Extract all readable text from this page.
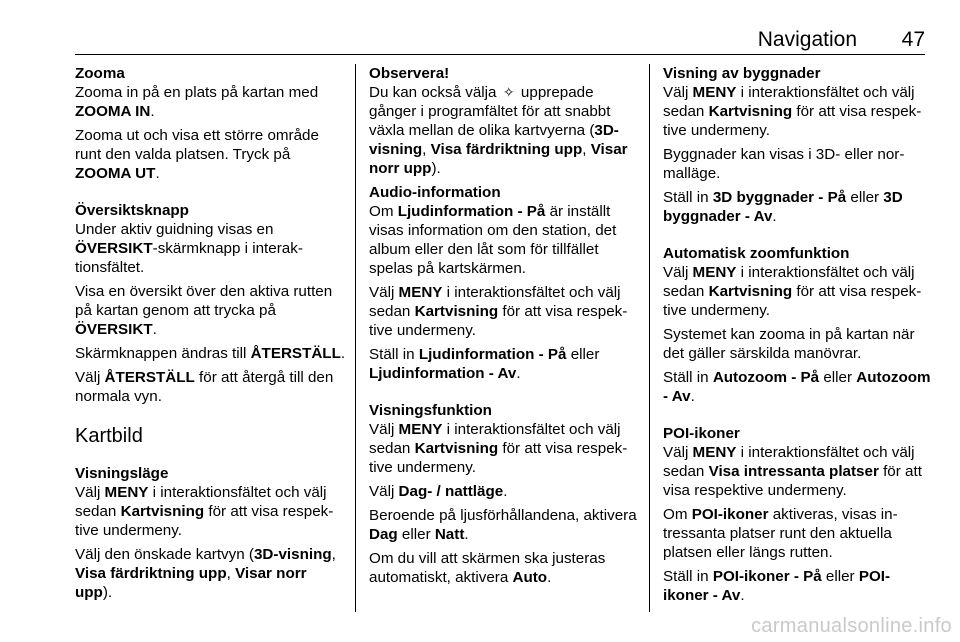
Navigation 47
Zooma

Zooma in på en plats på kartan med ZOOMA IN.

Zooma ut och visa ett större område runt den valda platsen. Tryck på ZOOMA UT.

Översiktsknapp

Under aktiv guidning visas en ÖVERSIKT-skärmknapp i interaktionsfältet.

Visa en översikt över den aktiva rutten på kartan genom att trycka på ÖVERSIKT.

Skärmknappen ändras till ÅTERSTÄLL.

Välj ÅTERSTÄLL för att återgå till den normala vyn.

Kartbild
Visningsläge

Välj MENY i interaktionsfältet och välj sedan Kartvisning för att visa respektive undermeny.

Välj den önskade kartvyn (3D-visning, Visa färdriktning upp, Visar norr upp).

Observera!

Du kan också välja ✧ upprepade gånger i programfältet för att snabbt växla mellan de olika kartvyerna (3D-visning, Visa färdriktning upp, Visar norr upp).

Audio-information

Om Ljudinformation - På är inställt visas information om den station, det album eller den låt som för tillfället spelas på kartskärmen.

Välj MENY i interaktionsfältet och välj sedan Kartvisning för att visa respektive undermeny.

Ställ in Ljudinformation - På eller Ljudinformation - Av.

Visningsfunktion

Välj MENY i interaktionsfältet och välj sedan Kartvisning för att visa respektive undermeny.

Välj Dag- / nattläge.

Beroende på ljusförhållandena, aktivera Dag eller Natt.

Om du vill att skärmen ska justeras automatiskt, aktivera Auto.

Visning av byggnader

Välj MENY i interaktionsfältet och välj sedan Kartvisning för att visa respektive undermeny.

Byggnader kan visas i 3D- eller normalläge.

Ställ in 3D byggnader - På eller 3D byggnader - Av.

Automatisk zoomfunktion

Välj MENY i interaktionsfältet och välj sedan Kartvisning för att visa respektive undermeny.

Systemet kan zooma in på kartan när det gäller särskilda manövrar.

Ställ in Autozoom - På eller Autozoom - Av.

POI-ikoner

Välj MENY i interaktionsfältet och välj sedan Visa intressanta platser för att visa respektive undermeny.

Om POI-ikoner aktiveras, visas intressanta platser runt den aktuella platsen eller längs rutten.

Ställ in POI-ikoner - På eller POI-ikoner - Av.

carmanualsonline.info
